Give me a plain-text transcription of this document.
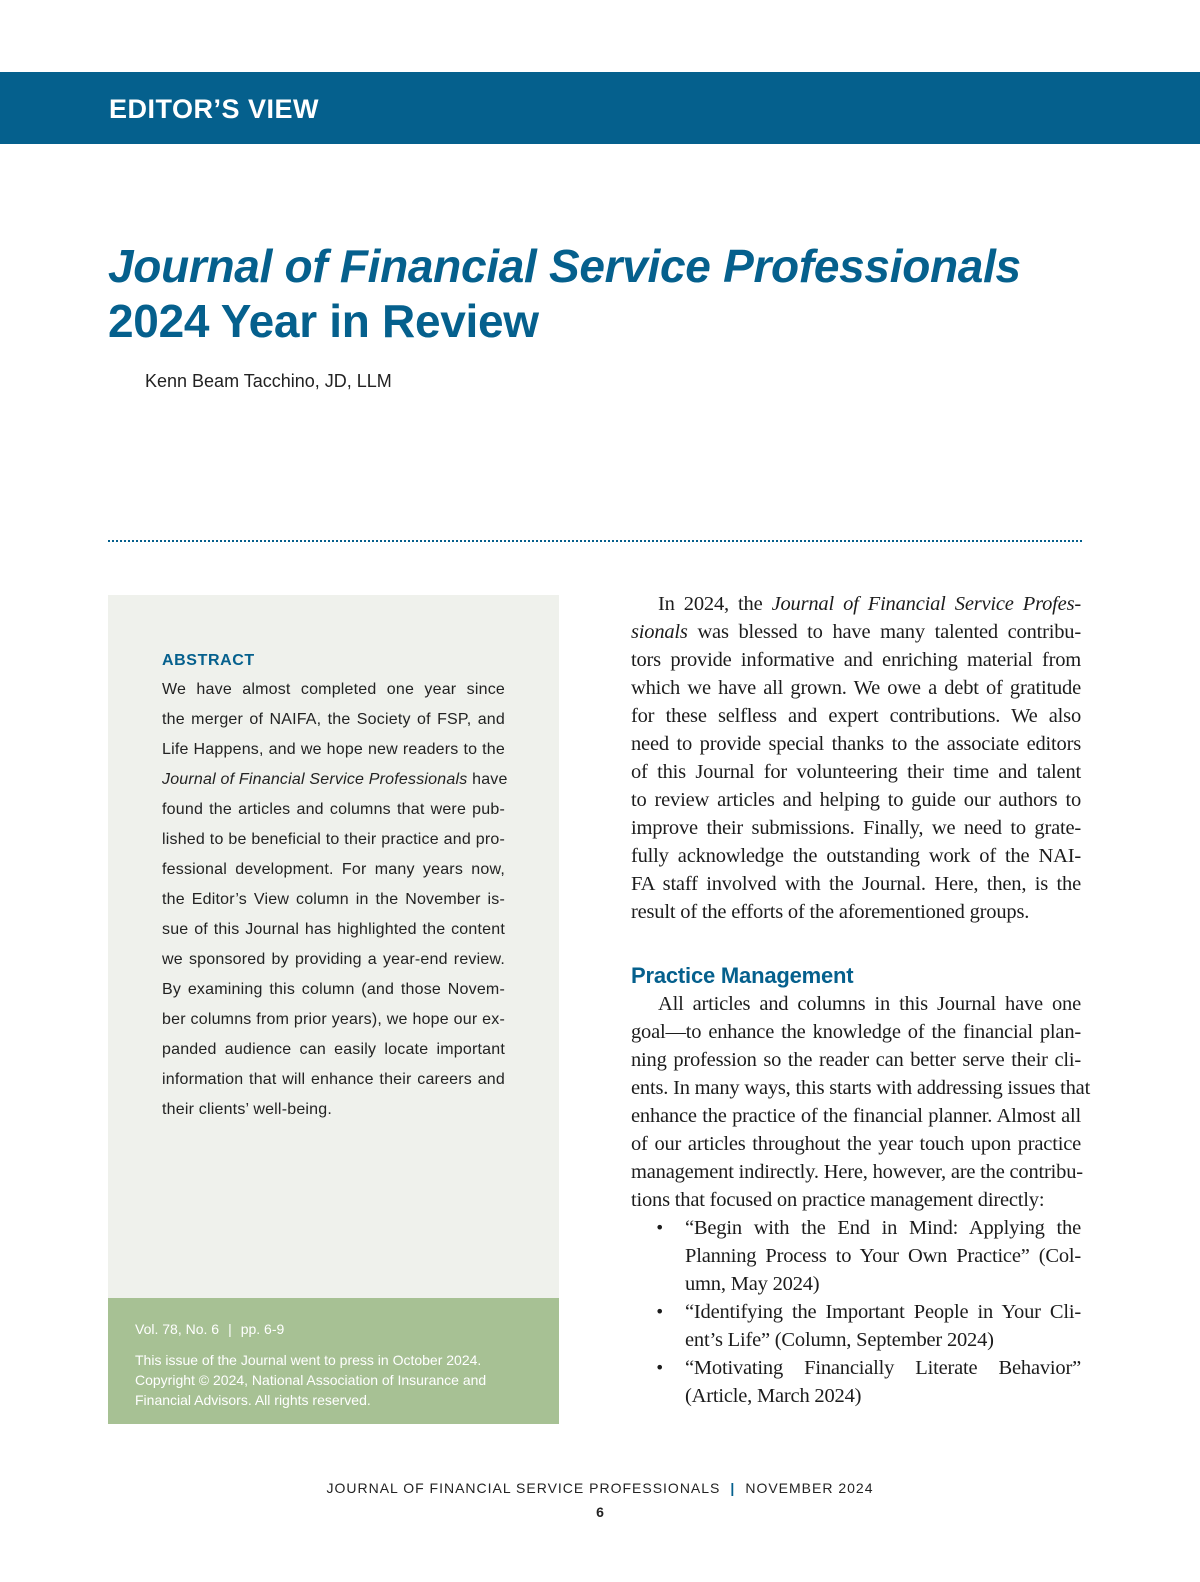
EDITOR’S VIEW
Journal of Financial Service Professionals
2024 Year in Review
Kenn Beam Tacchino, JD, LLM
ABSTRACT
We have almost completed one year since
the merger of NAIFA, the Society of FSP, and
Life Happens, and we hope new readers to the
Journal of Financial Service Professionals have
found the articles and columns that were pub-
lished to be beneficial to their practice and pro-
fessional development. For many years now,
the Editor’s View column in the November is-
sue of this Journal has highlighted the content
we sponsored by providing a year-end review.
By examining this column (and those Novem-
ber columns from prior years), we hope our ex-
panded audience can easily locate important
information that will enhance their careers and
their clients’ well-being.
Vol. 78, No. 6 | pp. 6-9
This issue of the Journal went to press in October 2024.
Copyright © 2024, National Association of Insurance and
Financial Advisors. All rights reserved.
In 2024, the Journal of Financial Service Profes-
sionals was blessed to have many talented contribu-
tors provide informative and enriching material from
which we have all grown. We owe a debt of gratitude
for these selfless and expert contributions. We also
need to provide special thanks to the associate editors
of this Journal for volunteering their time and talent
to review articles and helping to guide our authors to
improve their submissions. Finally, we need to grate-
fully acknowledge the outstanding work of the NAI-
FA staff involved with the Journal. Here, then, is the
result of the efforts of the aforementioned groups.
Practice Management
All articles and columns in this Journal have one
goal—to enhance the knowledge of the financial plan-
ning profession so the reader can better serve their cli-
ents. In many ways, this starts with addressing issues that
enhance the practice of the financial planner. Almost all
of our articles throughout the year touch upon practice
management indirectly. Here, however, are the contribu-
tions that focused on practice management directly:
• “Begin with the End in Mind: Applying the
Planning Process to Your Own Practice” (Col-
umn, May 2024)
• “Identifying the Important People in Your Cli-
ent’s Life” (Column, September 2024)
• “Motivating Financially Literate Behavior”
(Article, March 2024)
JOURNAL OF FINANCIAL SERVICE PROFESSIONALS | NOVEMBER 2024
6
